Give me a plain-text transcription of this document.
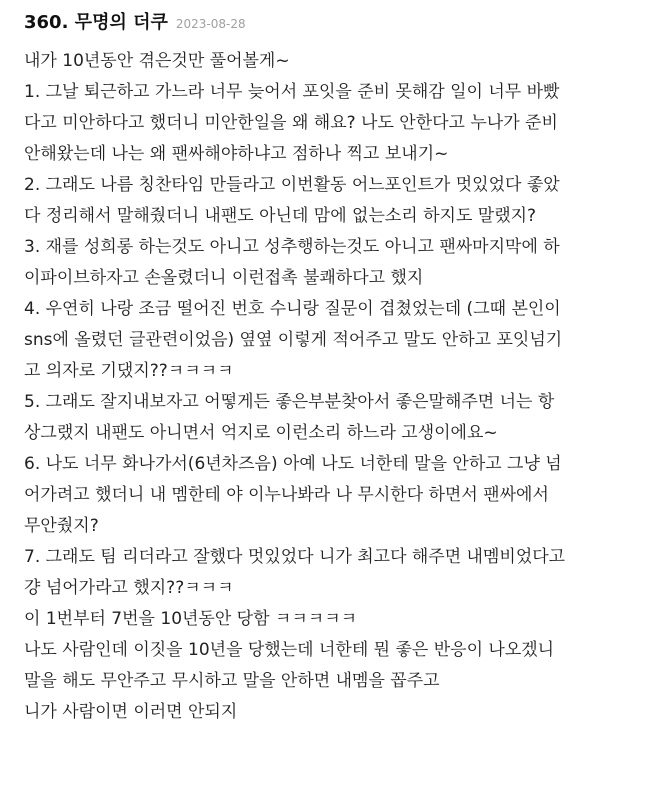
360. 무명의 더쿠 2023-08-28
내가 10년동안 겪은것만 풀어볼게~
1. 그날 퇴근하고 가느라 너무 늦어서 포잇을 준비 못해감 일이 너무 바빴
다고 미안하다고 했더니 미안한일을 왜 해요? 나도 안한다고 누나가 준비
안해왔는데 나는 왜 팬싸해야하냐고 점하나 찍고 보내기~
2. 그래도 나름 칭찬타임 만들라고 이번활동 어느포인트가 멋있었다 좋았
다 정리해서 말해줬더니 내팬도 아닌데 맘에 없는소리 하지도 말랬지?
3. 재를 성희롱 하는것도 아니고 성추행하는것도 아니고 팬싸마지막에 하
이파이브하자고 손올렸더니 이런접촉 불쾌하다고 했지
4. 우연히 나랑 조금 떨어진 번호 수니랑 질문이 겹쳤었는데 (그때 본인이
sns에 올렸던 글관련이었음) 옆옆 이렇게 적어주고 말도 안하고 포잇넘기
고 의자로 기댔지??ㅋㅋㅋㅋ
5. 그래도 잘지내보자고 어떻게든 좋은부분찾아서 좋은말해주면 너는 항
상그랬지 내팬도 아니면서 억지로 이런소리 하느라 고생이에요~
6. 나도 너무 화나가서(6년차즈음) 아예 나도 너한테 말을 안하고 그냥 넘
어가려고 했더니 내 멤한테 야 이누나봐라 나 무시한다 하면서 팬싸에서
무안줬지?
7. 그래도 팀 리더라고 잘했다 멋있었다 니가 최고다 해주면 내멤비었다고
걍 넘어가라고 했지??ㅋㅋㅋ
이 1번부터 7번을 10년동안 당함 ㅋㅋㅋㅋㅋ
나도 사람인데 이짓을 10년을 당했는데 너한테 뭔 좋은 반응이 나오겠니
말을 해도 무안주고 무시하고 말을 안하면 내멤을 꼽주고
니가 사람이면 이러면 안되지
